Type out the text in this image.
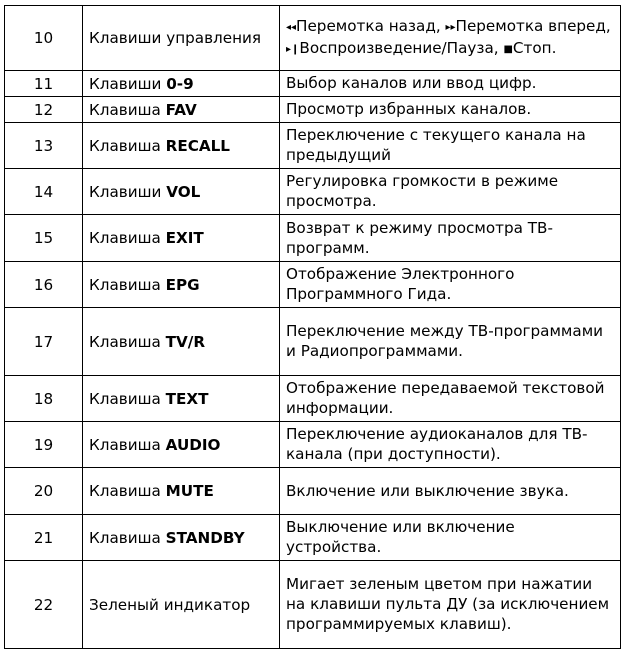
10	Клавиши управления	◂◂Перемотка назад, ▸▸Перемотка вперед, ▸❙Воспроизведение/Пауза, ■Стоп.
11	Клавиши 0-9	Выбор каналов или ввод цифр.
12	Клавиша FAV	Просмотр избранных каналов.
13	Клавиша RECALL	Переключение с текущего канала на предыдущий
14	Клавиши VOL	Регулировка громкости в режиме просмотра.
15	Клавиша EXIT	Возврат к режиму просмотра ТВ-программ.
16	Клавиша EPG	Отображение Электронного Программного Гида.
17	Клавиша TV/R	Переключение между ТВ-программами и Радиопрограммами.
18	Клавиша TEXT	Отображение передаваемой текстовой информации.
19	Клавиша AUDIO	Переключение аудиоканалов для ТВ-канала (при доступности).
20	Клавиша MUTE	Включение или выключение звука.
21	Клавиша STANDBY	Выключение или включение устройства.
22	Зеленый индикатор	Мигает зеленым цветом при нажатии на клавиши пульта ДУ (за исключением программируемых клавиш).
